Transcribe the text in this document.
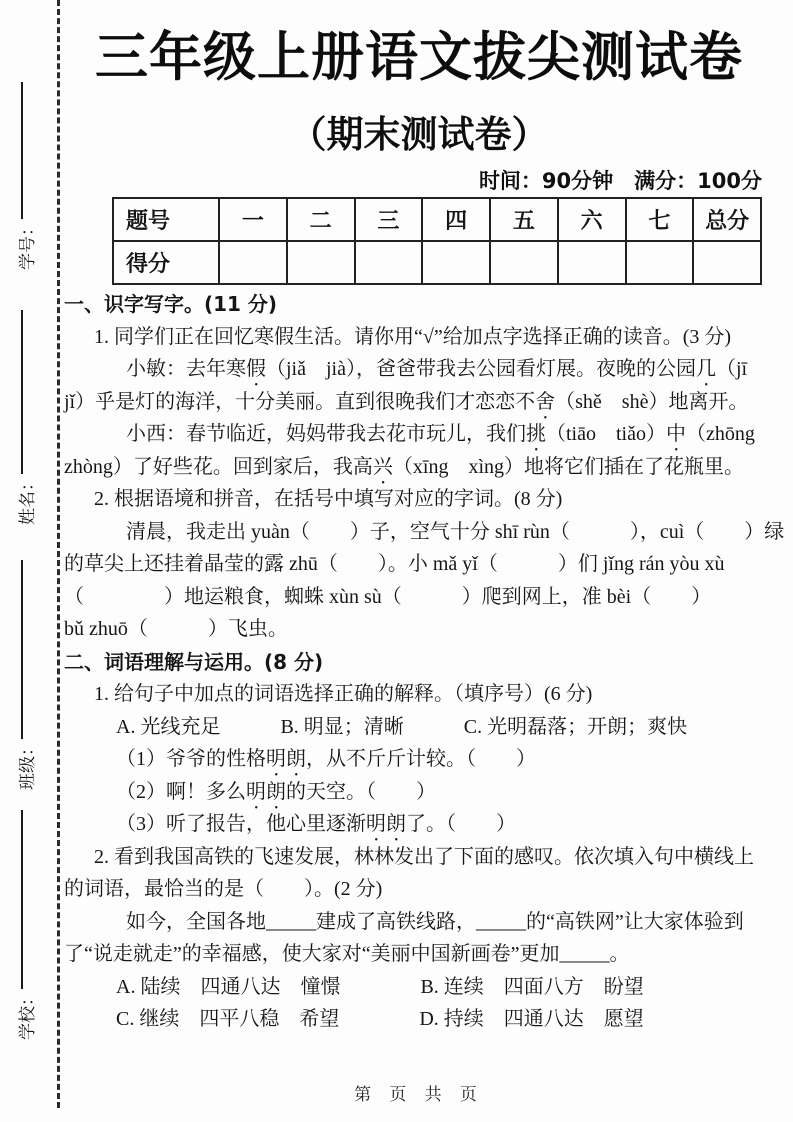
学号：
姓名：
班级：
学校：
三年级上册语文拔尖测试卷
（期末测试卷）
时间：90分钟　满分：100分
题号	一	二	三	四	五	六	七	总分
得分								
一、识字写字。(11 分)
1. 同学们正在回忆寒假生活。请你用“√”给加点字选择正确的读音。(3 分)
小敏：去年寒假（jiǎ　jià），爸爸带我去公园看灯展。夜晚的公园几（jī
jǐ）乎是灯的海洋，十分美丽。直到很晚我们才恋恋不舍（shě　shè）地离开。
小西：春节临近，妈妈带我去花市玩儿，我们挑（tiāo　tiǎo）中（zhōng
zhòng）了好些花。回到家后，我高兴（xīng　xìng）地将它们插在了花瓶里。
2. 根据语境和拼音，在括号中填写对应的字词。(8 分)
清晨，我走出 yuàn（　　）子，空气十分 shī rùn（　　　），cuì（　　）绿
的草尖上还挂着晶莹的露 zhū（　　）。小 mǎ yǐ（　　　）们 jǐng rán yòu xù
（　　　　）地运粮食，蜘蛛 xùn sù（　　　）爬到网上，准 bèi（　　）
bǔ zhuō（　　　）飞虫。
二、词语理解与运用。(8 分)
1. 给句子中加点的词语选择正确的解释。（填序号）(6 分)
A. 光线充足　　　B. 明显；清晰　　　C. 光明磊落；开朗；爽快
（1）爷爷的性格明朗，从不斤斤计较。（　　）
（2）啊！多么明朗的天空。（　　）
（3）听了报告，他心里逐渐明朗了。（　　）
2. 看到我国高铁的飞速发展，林林发出了下面的感叹。依次填入句中横线上
的词语，最恰当的是（　　）。(2 分)
如今，全国各地_____建成了高铁线路，_____的“高铁网”让大家体验到
了“说走就走”的幸福感，使大家对“美丽中国新画卷”更加_____。
A. 陆续　四通八达　憧憬　　　　B. 连续　四面八方　盼望
C. 继续　四平八稳　希望　　　　D. 持续　四通八达　愿望
第 页 共 页
